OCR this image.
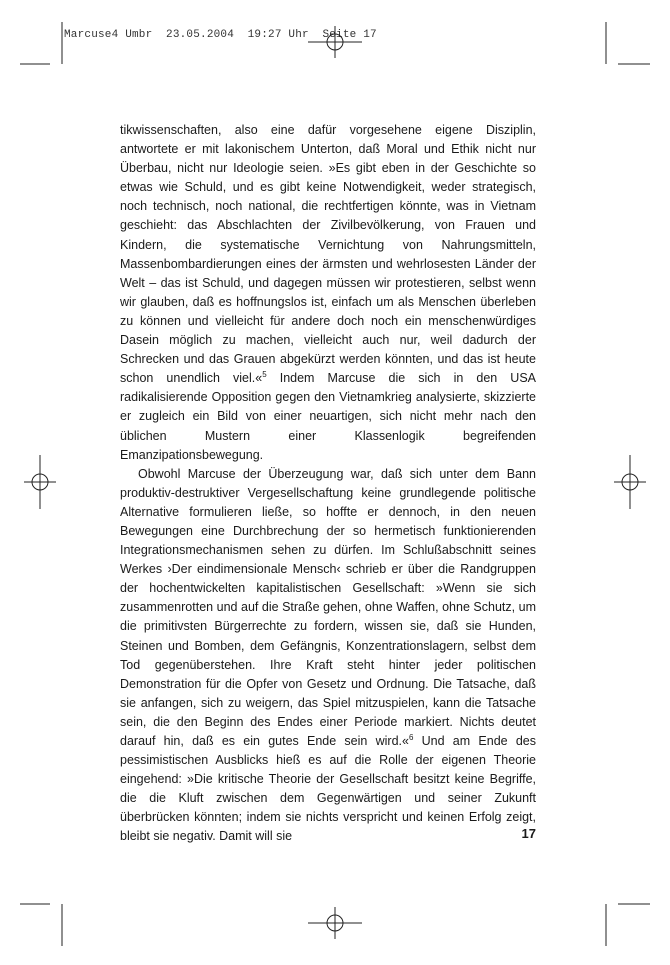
Marcuse4 Umbr  23.05.2004  19:27 Uhr  Seite 17

tikwissenschaften, also eine dafür vorgesehene eigene Disziplin, antwortete er mit lakonischem Unterton, daß Moral und Ethik nicht nur Überbau, nicht nur Ideologie seien. »Es gibt eben in der Geschichte so etwas wie Schuld, und es gibt keine Notwendigkeit, weder strategisch, noch technisch, noch national, die rechtfertigen könnte, was in Vietnam geschieht: das Abschlachten der Zivilbevölkerung, von Frauen und Kindern, die systematische Vernichtung von Nahrungsmitteln, Massenbombardierungen eines der ärmsten und wehrlosesten Länder der Welt – das ist Schuld, und dagegen müssen wir protestieren, selbst wenn wir glauben, daß es hoffnungslos ist, einfach um als Menschen überleben zu können und vielleicht für andere doch noch ein menschenwürdiges Dasein möglich zu machen, vielleicht auch nur, weil dadurch der Schrecken und das Grauen abgekürzt werden könnten, und das ist heute schon unendlich viel.«$^5$ Indem Marcuse die sich in den USA radikalisierende Opposition gegen den Vietnamkrieg analysierte, skizzierte er zugleich ein Bild von einer neuartigen, sich nicht mehr nach den üblichen Mustern einer Klassenlogik begreifenden Emanzipationsbewegung.

Obwohl Marcuse der Überzeugung war, daß sich unter dem Bann produktiv-destruktiver Vergesellschaftung keine grundlegende politische Alternative formulieren ließe, so hoffte er dennoch, in den neuen Bewegungen eine Durchbrechung der so hermetisch funktionierenden Integrationsmechanismen sehen zu dürfen. Im Schlußabschnitt seines Werkes ›Der eindimensionale Mensch‹ schrieb er über die Randgruppen der hochentwickelten kapitalistischen Gesellschaft: »Wenn sie sich zusammenrotten und auf die Straße gehen, ohne Waffen, ohne Schutz, um die primitivsten Bürgerrechte zu fordern, wissen sie, daß sie Hunden, Steinen und Bomben, dem Gefängnis, Konzentrationslagern, selbst dem Tod gegenüberstehen. Ihre Kraft steht hinter jeder politischen Demonstration für die Opfer von Gesetz und Ordnung. Die Tatsache, daß sie anfangen, sich zu weigern, das Spiel mitzuspielen, kann die Tatsache sein, die den Beginn des Endes einer Periode markiert. Nichts deutet darauf hin, daß es ein gutes Ende sein wird.«$^6$ Und am Ende des pessimistischen Ausblicks hieß es auf die Rolle der eigenen Theorie eingehend: »Die kritische Theorie der Gesellschaft besitzt keine Begriffe, die die Kluft zwischen dem Gegenwärtigen und seiner Zukunft überbrücken könnten; indem sie nichts verspricht und keinen Erfolg zeigt, bleibt sie negativ. Damit will sie	17
